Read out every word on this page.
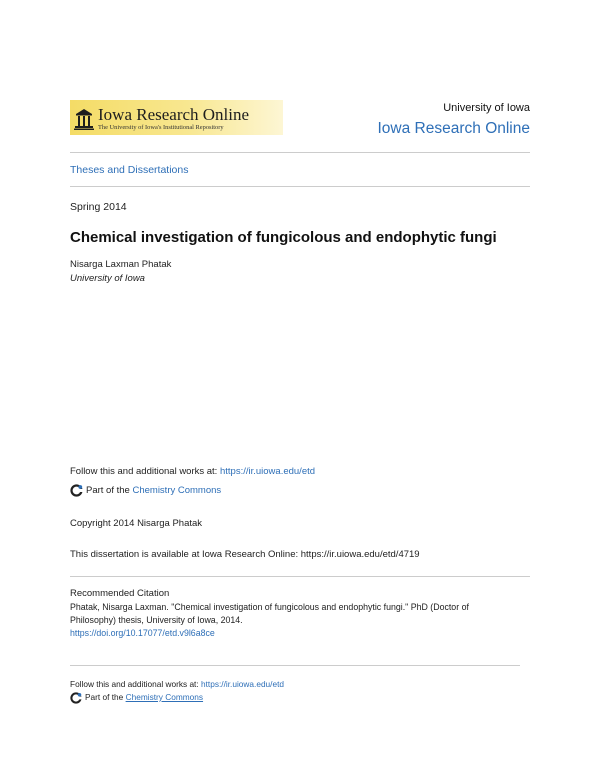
Iowa Research Online
The University of Iowa's Institutional Repository
University of Iowa
Iowa Research Online
Theses and Dissertations
Spring 2014
Chemical investigation of fungicolous and endophytic fungi
Nisarga Laxman Phatak
University of Iowa
Follow this and additional works at: https://ir.uiowa.edu/etd
Part of the Chemistry Commons
Copyright 2014 Nisarga Phatak
This dissertation is available at Iowa Research Online: https://ir.uiowa.edu/etd/4719
Recommended Citation
Phatak, Nisarga Laxman. "Chemical investigation of fungicolous and endophytic fungi." PhD (Doctor of
Philosophy) thesis, University of Iowa, 2014.
https://doi.org/10.17077/etd.v9l6a8ce
Follow this and additional works at: https://ir.uiowa.edu/etd
Part of the Chemistry Commons
